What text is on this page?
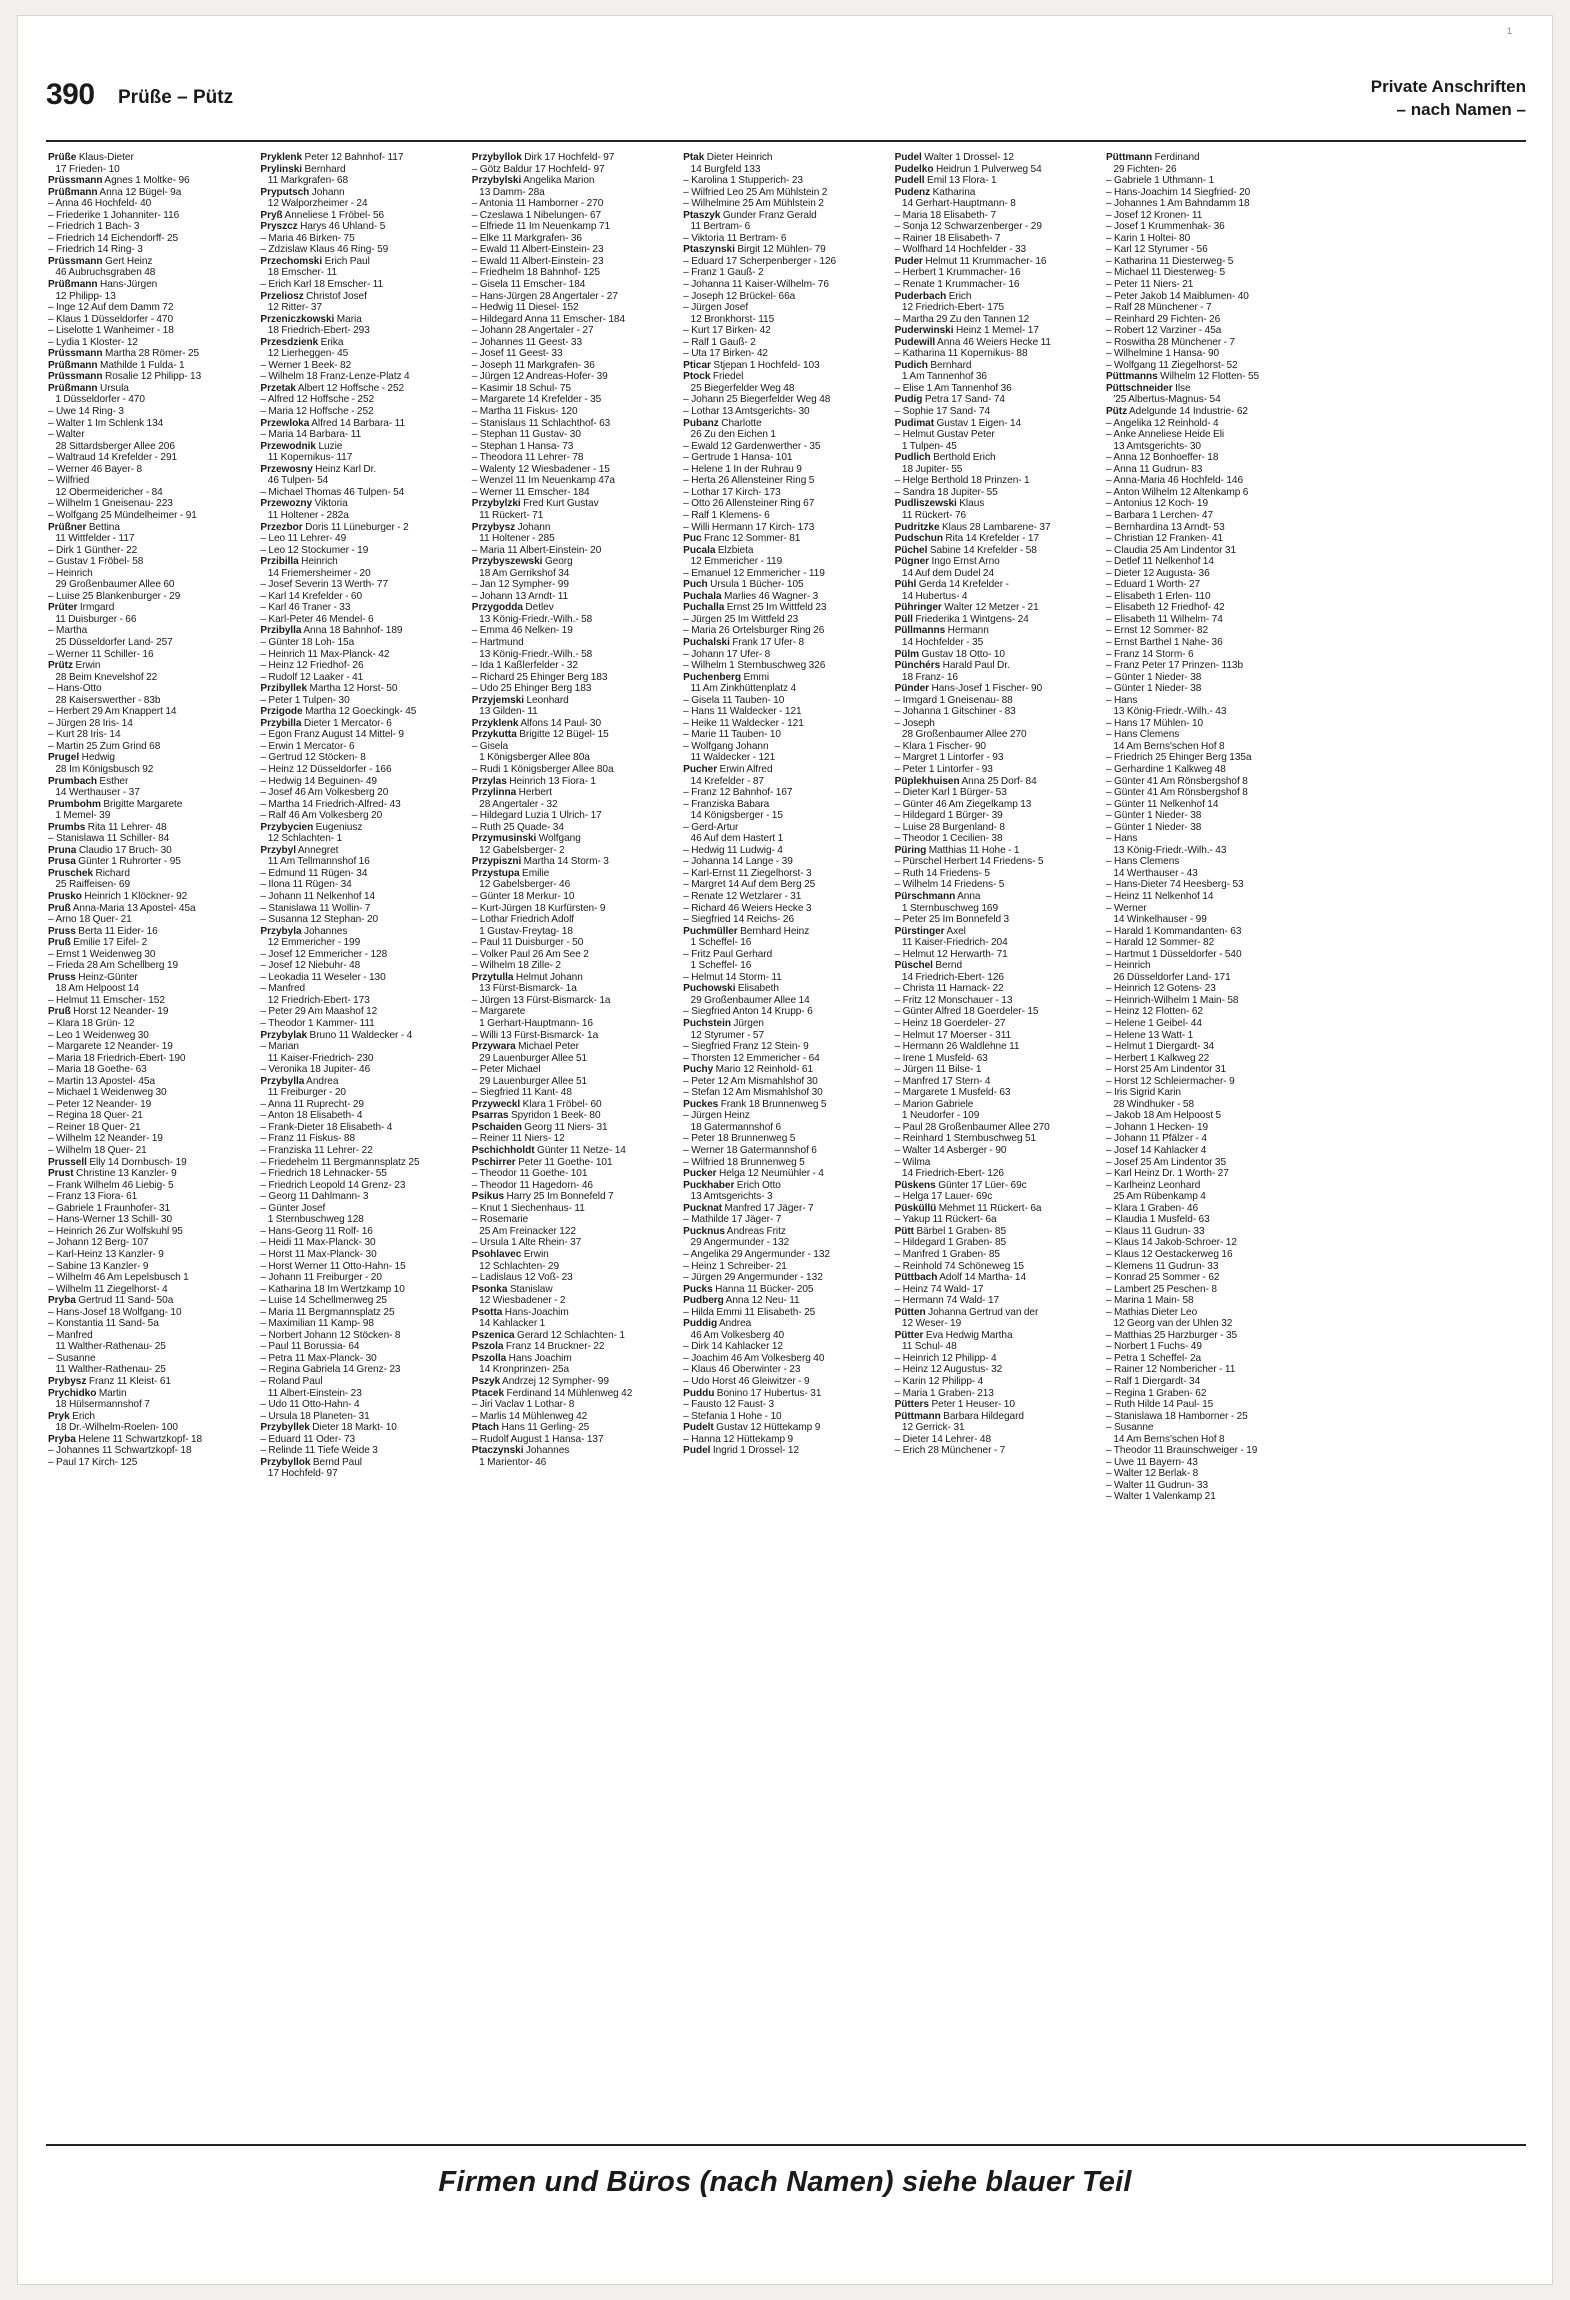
1
390 Prüße – Pütz
Private Anschriften
– nach Namen –
Prüße Klaus-Dieter
17 Frieden- 10
Prüssmann Agnes 1 Moltke- 96
Prüßmann Anna 12 Bügel- 9a
– Anna 46 Hochfeld- 40
– Friederike 1 Johanniter- 116
– Friedrich 1 Bach- 3
– Friedrich 14 Eichendorff- 25
– Friedrich 14 Ring- 3
Prüssmann Gert Heinz
46 Aubruchsgraben 48
Prüßmann Hans-Jürgen
12 Philipp- 13
– Inge 12 Auf dem Damm 72
– Klaus 1 Düsseldorfer - 470
– Liselotte 1 Wanheimer - 18
– Lydia 1 Kloster- 12
Prüssmann Martha 28 Römer- 25
Prüßmann Mathilde 1 Fulda- 1
Prüssmann Rosalie 12 Philipp- 13
Prüßmann Ursula
1 Düsseldorfer - 470
– Uwe 14 Ring- 3
– Walter 1 Im Schlenk 134
– Walter
28 Sittardsberger Allee 206
– Waltraud 14 Krefelder - 291
– Werner 46 Bayer- 8
– Wilfried
12 Obermeidericher - 84
– Wilhelm 1 Gneisenau- 223
– Wolfgang 25 Mündelheimer - 91
Prüßner Bettina
11 Wittfelder - 117
– Dirk 1 Günther- 22
– Gustav 1 Fröbel- 58
– Heinrich
29 Großenbaumer Allee 60
– Luise 25 Blankenburger - 29
Prüter Irmgard
11 Duisburger - 66
– Martha
25 Düsseldorfer Land- 257
– Werner 11 Schiller- 16
Prütz Erwin
28 Beim Knevelshof 22
– Hans-Otto
28 Kaiserswerther - 83b
– Herbert 29 Am Knappert 14
– Jürgen 28 Iris- 14
– Kurt 28 Iris- 14
– Martin 25 Zum Grind 68
Prugel Hedwig
28 Im Königsbusch 92
Prumbach Esther
14 Werthauser - 37
Prumbohm Brigitte Margarete
1 Memel- 39
Prumbs Rita 11 Lehrer- 48
– Stanislawa 11 Schiller- 84
Pruna Claudio 17 Bruch- 30
Prusa Günter 1 Ruhrorter - 95
Pruschek Richard
25 Raiffeisen- 69
Prusko Heinrich 1 Klöckner- 92
Pruß Anna-Maria 13 Apostel- 45a
– Arno 18 Quer- 21
Pruss Berta 11 Eider- 16
Pruß Emilie 17 Eifel- 2
– Ernst 1 Weidenweg 30
– Frieda 28 Am Schellberg 19
Pruss Heinz-Günter
18 Am Helpoost 14
– Helmut 11 Emscher- 152
Pruß Horst 12 Neander- 19
– Klara 18 Grün- 12
– Leo 1 Weidenweg 30
– Margarete 12 Neander- 19
– Maria 18 Friedrich-Ebert- 190
– Maria 18 Goethe- 63
– Martin 13 Apostel- 45a
– Michael 1 Weidenweg 30
– Peter 12 Neander- 19
– Regina 18 Quer- 21
– Reiner 18 Quer- 21
– Wilhelm 12 Neander- 19
– Wilhelm 18 Quer- 21
Prussell Elly 14 Dornbusch- 19
Prust Christine 13 Kanzler- 9
– Frank Wilhelm 46 Liebig- 5
– Franz 13 Fiora- 61
– Gabriele 1 Fraunhofer- 31
– Hans-Werner 13 Schill- 30
– Heinrich 26 Zur Wolfskuhl 95
– Johann 12 Berg- 107
– Karl-Heinz 13 Kanzler- 9
– Sabine 13 Kanzler- 9
– Wilhelm 46 Am Lepelsbusch 1
– Wilhelm 11 Ziegelhorst- 4
Pryba Gertrud 11 Sand- 50a
– Hans-Josef 18 Wolfgang- 10
– Konstantia 11 Sand- 5a
– Manfred
11 Walther-Rathenau- 25
– Susanne
11 Walther-Rathenau- 25
Prybysz Franz 11 Kleist- 61
Prychidko Martin
18 Hülsermannshof 7
Pryk Erich
18 Dr.-Wilhelm-Roelen- 100
Pryba Helene 11 Schwartzkopf- 18
– Johannes 11 Schwartzkopf- 18
– Paul 17 Kirch- 125
Pryklenk Peter 12 Bahnhof- 117
Prylinski Bernhard
11 Markgrafen- 68
Pryputsch Johann
12 Walporzheimer - 24
Pryß Anneliese 1 Fröbel- 56
Pryszcz Harys 46 Uhland- 5
– Maria 46 Birken- 75
– Zdzislaw Klaus 46 Ring- 59
Przechomski Erich Paul
18 Emscher- 11
– Erich Karl 18 Emscher- 11
Przeliosz Christof Josef
12 Ritter- 37
Przeniczkowski Maria
18 Friedrich-Ebert- 293
Przesdzienk Erika
12 Lierheggen- 45
– Werner 1 Beek- 82
– Wilhelm 18 Franz-Lenze-Platz 4
Przetak Albert 12 Hoffsche - 252
– Alfred 12 Hoffsche - 252
– Maria 12 Hoffsche - 252
Przewloka Alfred 14 Barbara- 11
– Maria 14 Barbara- 11
Przewodnik Luzie
11 Kopernikus- 117
Przewosny Heinz Karl Dr.
46 Tulpen- 54
– Michael Thomas 46 Tulpen- 54
Przewozny Viktoria
11 Holtener - 282a
Przezbor Doris 11 Lüneburger - 2
– Leo 11 Lehrer- 49
– Leo 12 Stockumer - 19
Przibilla Heinrich
14 Friemersheimer - 20
– Josef Severin 13 Werth- 77
– Karl 14 Krefelder - 60
– Karl 46 Traner - 33
– Karl-Peter 46 Mendel- 6
Przibylla Anna 18 Bahnhof- 189
– Günter 18 Loh- 15a
– Heinrich 11 Max-Planck- 42
– Heinz 12 Friedhof- 26
– Rudolf 12 Laaker - 41
Przibyllek Martha 12 Horst- 50
– Peter 1 Tulpen- 30
Przigode Martha 12 Goeckingk- 45
Przybilla Dieter 1 Mercator- 6
– Egon Franz August 14 Mittel- 9
– Erwin 1 Mercator- 6
– Gertrud 12 Stöcken- 8
– Heinz 12 Düsseldorfer - 166
– Hedwig 14 Beguinen- 49
– Josef 46 Am Volkesberg 20
– Martha 14 Friedrich-Alfred- 43
– Ralf 46 Am Volkesberg 20
Przybycien Eugeniusz
12 Schlachten- 1
Przybyl Annegret
11 Am Tellmannshof 16
– Edmund 11 Rügen- 34
– Ilona 11 Rügen- 34
– Johann 11 Nelkenhof 14
– Stanislawa 11 Wollin- 7
– Susanna 12 Stephan- 20
Przybyla Johannes
12 Emmericher - 199
– Josef 12 Emmericher - 128
– Josef 12 Niebuhr- 48
– Leokadia 11 Weseler - 130
– Manfred
12 Friedrich-Ebert- 173
– Peter 29 Am Maashof 12
– Theodor 1 Kammer- 111
Przybylak Bruno 11 Waldecker - 4
– Marian
11 Kaiser-Friedrich- 230
– Veronika 18 Jupiter- 46
Przybylla Andrea
11 Freiburger - 20
– Anna 11 Ruprecht- 29
– Anton 18 Elisabeth- 4
– Frank-Dieter 18 Elisabeth- 4
– Franz 11 Fiskus- 88
– Franziska 11 Lehrer- 22
– Friedehelm 11 Bergmannsplatz 25
– Friedrich 18 Lehnacker- 55
– Friedrich Leopold 14 Grenz- 23
– Georg 11 Dahlmann- 3
– Günter Josef
1 Sternbuschweg 128
– Hans-Georg 11 Rolf- 16
– Heidi 11 Max-Planck- 30
– Horst 11 Max-Planck- 30
– Horst Werner 11 Otto-Hahn- 15
– Johann 11 Freiburger - 20
– Katharina 18 Im Wertzkamp 10
– Luise 14 Schellmenweg 25
– Maria 11 Bergmannsplatz 25
– Maximilian 11 Kamp- 98
– Norbert Johann 12 Stöcken- 8
– Paul 11 Borussia- 64
– Petra 11 Max-Planck- 30
– Regina Gabriela 14 Grenz- 23
– Roland Paul
11 Albert-Einstein- 23
– Udo 11 Otto-Hahn- 4
– Ursula 18 Planeten- 31
Przybyllek Dieter 18 Markt- 10
– Eduard 11 Oder- 73
– Relinde 11 Tiefe Weide 3
Przybyllok Bernd Paul
17 Hochfeld- 97
Przybyllok Dirk 17 Hochfeld- 97
– Götz Baldur 17 Hochfeld- 97
Przybylski Angelika Marion
13 Damm- 28a
– Antonia 11 Hamborner - 270
– Czeslawa 1 Nibelungen- 67
– Elfriede 11 Im Neuenkamp 71
– Elke 11 Markgrafen- 36
– Ewald 11 Albert-Einstein- 23
– Ewald 11 Albert-Einstein- 23
– Friedhelm 18 Bahnhof- 125
– Gisela 11 Emscher- 184
– Hans-Jürgen 28 Angertaler - 27
– Hedwig 11 Diesel- 152
– Hildegard Anna 11 Emscher- 184
– Johann 28 Angertaler - 27
– Johannes 11 Geest- 33
– Josef 11 Geest- 33
– Joseph 11 Markgrafen- 36
– Jürgen 12 Andreas-Hofer- 39
– Kasimir 18 Schul- 75
– Margarete 14 Krefelder - 35
– Martha 11 Fiskus- 120
– Stanislaus 11 Schlachthof- 63
– Stephan 11 Gustav- 30
– Stephan 1 Hansa- 73
– Theodora 11 Lehrer- 78
– Walenty 12 Wiesbadener - 15
– Wenzel 11 Im Neuenkamp 47a
– Werner 11 Emscher- 184
Przybylzki Fred Kurt Gustav
11 Rückert- 71
Przybysz Johann
11 Holtener - 285
– Maria 11 Albert-Einstein- 20
Przybyszewski Georg
18 Am Gerrikshof 34
– Jan 12 Sympher- 99
– Johann 13 Arndt- 11
Przygodda Detlev
13 König-Friedr.-Wilh.- 58
– Emma 46 Nelken- 19
– Hartmund
13 König-Friedr.-Wilh.- 58
– Ida 1 Kaßlerfelder - 32
– Richard 25 Ehinger Berg 183
– Udo 25 Ehinger Berg 183
Przyjemski Leonhard
13 Gilden- 11
Przyklenk Alfons 14 Paul- 30
Przykutta Brigitte 12 Bügel- 15
– Gisela
1 Königsberger Allee 80a
– Rudi 1 Königsberger Allee 80a
Przylas Heinrich 13 Fiora- 1
Przylinna Herbert
28 Angertaler - 32
– Hildegard Luzia 1 Ulrich- 17
– Ruth 25 Quade- 34
Przymusinski Wolfgang
12 Gabelsberger- 2
Przypiszni Martha 14 Storm- 3
Przystupa Emilie
12 Gabelsberger- 46
– Günter 18 Merkur- 10
– Kurt-Jürgen 18 Kurfürsten- 9
– Lothar Friedrich Adolf
1 Gustav-Freytag- 18
– Paul 11 Duisburger - 50
– Volker Paul 26 Am See 2
– Wilhelm 18 Zille- 2
Przytulla Helmut Johann
13 Fürst-Bismarck- 1a
– Jürgen 13 Fürst-Bismarck- 1a
– Margarete
1 Gerhart-Hauptmann- 16
– Willi 13 Fürst-Bismarck- 1a
Przywara Michael Peter
29 Lauenburger Allee 51
– Peter Michael
29 Lauenburger Allee 51
– Siegfried 11 Kant- 48
Przyweckl Klara 1 Fröbel- 60
Psarras Spyridon 1 Beek- 80
Pschaiden Georg 11 Niers- 31
– Reiner 11 Niers- 12
Pschichholdt Günter 11 Netze- 14
Pschirrer Peter 11 Goethe- 101
– Theodor 11 Goethe- 101
– Theodor 11 Hagedorn- 46
Psikus Harry 25 Im Bonnefeld 7
– Knut 1 Siechenhaus- 11
– Rosemarie
25 Am Freinacker 122
– Ursula 1 Alte Rhein- 37
Psohlavec Erwin
12 Schlachten- 29
– Ladislaus 12 Voß- 23
Psonka Stanislaw
12 Wiesbadener - 2
Psotta Hans-Joachim
14 Kahlacker 1
Pszenica Gerard 12 Schlachten- 1
Pszola Franz 14 Bruckner- 22
Pszolla Hans Joachim
14 Kronprinzen- 25a
Pszyk Andrzej 12 Sympher- 99
Ptacek Ferdinand 14 Mühlenweg 42
– Jiri Vaclav 1 Lothar- 8
– Marlis 14 Mühlenweg 42
Ptach Hans 11 Gerling- 25
– Rudolf August 1 Hansa- 137
Ptaczynski Johannes
1 Marientor- 46
Ptak Dieter Heinrich
14 Burgfeld 133
– Karolina 1 Stupperich- 23
– Wilfried Leo 25 Am Mühlstein 2
– Wilhelmine 25 Am Mühlstein 2
Ptaszyk Gunder Franz Gerald
11 Bertram- 6
– Viktoria 11 Bertram- 6
Ptaszynski Birgit 12 Mühlen- 79
– Eduard 17 Scherpenberger - 126
– Franz 1 Gauß- 2
– Johanna 11 Kaiser-Wilhelm- 76
– Joseph 12 Brückel- 66a
– Jürgen Josef
12 Bronkhorst- 115
– Kurt 17 Birken- 42
– Ralf 1 Gauß- 2
– Uta 17 Birken- 42
Pticar Stjepan 1 Hochfeld- 103
Ptock Friedel
25 Biegerfelder Weg 48
– Johann 25 Biegerfelder Weg 48
– Lothar 13 Amtsgerichts- 30
Pubanz Charlotte
26 Zu den Eichen 1
– Ewald 12 Gardenwerther - 35
– Gertrude 1 Hansa- 101
– Helene 1 In der Ruhrau 9
– Herta 26 Allensteiner Ring 5
– Lothar 17 Kirch- 173
– Otto 26 Allensteiner Ring 67
– Ralf 1 Klemens- 6
– Willi Hermann 17 Kirch- 173
Puc Franc 12 Sommer- 81
Pucala Elzbieta
12 Emmericher - 119
– Emanuel 12 Emmericher - 119
Puch Ursula 1 Bücher- 105
Puchala Marlies 46 Wagner- 3
Puchalla Ernst 25 Im Wittfeld 23
– Jürgen 25 Im Wittfeld 23
– Maria 26 Ortelsburger Ring 26
Puchalski Frank 17 Ufer- 8
– Johann 17 Ufer- 8
– Wilhelm 1 Sternbuschweg 326
Puchenberg Emmi
11 Am Zinkhüttenplatz 4
– Gisela 11 Tauben- 10
– Hans 11 Waldecker - 121
– Heike 11 Waldecker - 121
– Marie 11 Tauben- 10
– Wolfgang Johann
11 Waldecker - 121
Pucher Erwin Alfred
14 Krefelder - 87
– Franz 12 Bahnhof- 167
– Franziska Babara
14 Königsberger - 15
– Gerd-Artur
46 Auf dem Hastert 1
– Hedwig 11 Ludwig- 4
– Johanna 14 Lange - 39
– Karl-Ernst 11 Ziegelhorst- 3
– Margret 14 Auf dem Berg 25
– Renate 12 Wetzlarer - 31
– Richard 46 Weiers Hecke 3
– Siegfried 14 Reichs- 26
Puchmüller Bernhard Heinz
1 Scheffel- 16
– Fritz Paul Gerhard
1 Scheffel- 16
– Helmut 14 Storm- 11
Puchowski Elisabeth
29 Großenbaumer Allee 14
– Siegfried Anton 14 Krupp- 6
Puchstein Jürgen
12 Styrumer - 57
– Siegfried Franz 12 Stein- 9
– Thorsten 12 Emmericher - 64
Puchy Mario 12 Reinhold- 61
– Peter 12 Am Mismahlshof 30
– Stefan 12 Am Mismahlshof 30
Puckes Frank 18 Brunnenweg 5
– Jürgen Heinz
18 Gatermannshof 6
– Peter 18 Brunnenweg 5
– Werner 18 Gatermannshof 6
– Wilfried 18 Brunnenweg 5
Pucker Helga 12 Neumühler - 4
Puckhaber Erich Otto
13 Amtsgerichts- 3
Pucknat Manfred 17 Jäger- 7
– Mathilde 17 Jäger- 7
Pucknus Andreas Fritz
29 Angermunder - 132
– Angelika 29 Angermunder - 132
– Heinz 1 Schreiber- 21
– Jürgen 29 Angermunder - 132
Pucks Hanna 11 Bücker- 205
Pudberg Anna 12 Neu- 11
– Hilda Emmi 11 Elisabeth- 25
Puddig Andrea
46 Am Volkesberg 40
– Dirk 14 Kahlacker 12
– Joachim 46 Am Volkesberg 40
– Klaus 46 Oberwinter - 23
– Udo Horst 46 Gleiwitzer - 9
Puddu Bonino 17 Hubertus- 31
– Fausto 12 Faust- 3
– Stefania 1 Hohe - 10
Pudelt Gustav 12 Hüttekamp 9
– Hanna 12 Hüttekamp 9
Pudel Ingrid 1 Drossel- 12
Pudel Walter 1 Drossel- 12
Pudelko Heidrun 1 Pulverweg 54
Pudell Emil 13 Flora- 1
Pudenz Katharina
14 Gerhart-Hauptmann- 8
– Maria 18 Elisabeth- 7
– Sonja 12 Schwarzenberger - 29
– Rainer 18 Elisabeth- 7
– Wolfhard 14 Hochfelder - 33
Puder Helmut 11 Krummacher- 16
– Herbert 1 Krummacher- 16
– Renate 1 Krummacher- 16
Puderbach Erich
12 Friedrich-Ebert- 175
– Martha 29 Zu den Tannen 12
Puderwinski Heinz 1 Memel- 17
Pudewill Anna 46 Weiers Hecke 11
– Katharina 11 Kopernikus- 88
Pudich Bernhard
1 Am Tannenhof 36
– Elise 1 Am Tannenhof 36
Pudig Petra 17 Sand- 74
– Sophie 17 Sand- 74
Pudimat Gustav 1 Eigen- 14
– Helmut Gustav Peter
1 Tulpen- 45
Pudlich Berthold Erich
18 Jupiter- 55
– Helge Berthold 18 Prinzen- 1
– Sandra 18 Jupiter- 55
Pudliszewski Klaus
11 Rückert- 76
Pudritzke Klaus 28 Lambarene- 37
Pudschun Rita 14 Krefelder - 17
Püchel Sabine 14 Krefelder - 58
Pügner Ingo Ernst Arno
14 Auf dem Dudel 24
Pühl Gerda 14 Krefelder -
14 Hubertus- 4
Pühringer Walter 12 Metzer - 21
Püll Friederika 1 Wintgens- 24
Püllmanns Hermann
14 Hochfelder - 35
Pülm Gustav 18 Otto- 10
Pünchérs Harald Paul Dr.
18 Franz- 16
Pünder Hans-Josef 1 Fischer- 90
– Irmgard 1 Gneisenau- 88
– Johanna 1 Gitschiner - 83
– Joseph
28 Großenbaumer Allee 270
– Klara 1 Fischer- 90
– Margret 1 Lintorfer - 93
– Peter 1 Lintorfer - 93
Püplekhuisen Anna 25 Dorf- 84
– Dieter Karl 1 Bürger- 53
– Günter 46 Am Ziegelkamp 13
– Hildegard 1 Bürger- 39
– Luise 28 Burgenland- 8
– Theodor 1 Cecilien- 38
Püring Matthias 11 Hohe - 1
– Pürschel Herbert 14 Friedens- 5
– Ruth 14 Friedens- 5
– Wilhelm 14 Friedens- 5
Pürschmann Anna
1 Sternbuschweg 169
– Peter 25 Im Bonnefeld 3
Pürstinger Axel
11 Kaiser-Friedrich- 204
– Helmut 12 Herwarth- 71
Püschel Bernd
14 Friedrich-Ebert- 126
– Christa 11 Harnack- 22
– Fritz 12 Monschauer - 13
– Günter Alfred 18 Goerdeler- 15
– Heinz 18 Goerdeler- 27
– Helmut 17 Moerser - 311
– Hermann 26 Waldlehne 11
– Irene 1 Musfeld- 63
– Jürgen 11 Bilse- 1
– Manfred 17 Stern- 4
– Margarete 1 Musfeld- 63
– Marion Gabriele
1 Neudorfer - 109
– Paul 28 Großenbaumer Allee 270
– Reinhard 1 Sternbuschweg 51
– Walter 14 Asberger - 90
– Wilma
14 Friedrich-Ebert- 126
Püskens Günter 17 Lüer- 69c
– Helga 17 Lauer- 69c
Püsküllü Mehmet 11 Rückert- 6a
– Yakup 11 Rückert- 6a
Pütt Bärbel 1 Graben- 85
– Hildegard 1 Graben- 85
– Manfred 1 Graben- 85
– Reinhold 74 Schöneweg 15
Püttbach Adolf 14 Martha- 14
– Heinz 74 Wald- 17
– Hermann 74 Wald- 17
Pütten Johanna Gertrud van der
12 Weser- 19
Pütter Eva Hedwig Martha
11 Schul- 48
– Heinrich 12 Philipp- 4
– Heinz 12 Augustus- 32
– Karin 12 Philipp- 4
– Maria 1 Graben- 213
Pütters Peter 1 Heuser- 10
Püttmann Barbara Hildegard
12 Gerrick- 31
– Dieter 14 Lehrer- 48
– Erich 28 Münchener - 7
Püttmann Ferdinand
29 Fichten- 26
– Gabriele 1 Uthmann- 1
– Hans-Joachim 14 Siegfried- 20
– Johannes 1 Am Bahndamm 18
– Josef 12 Kronen- 11
– Josef 1 Krummenhak- 36
– Karin 1 Holtei- 80
– Karl 12 Styrumer - 56
– Katharina 11 Diesterweg- 5
– Michael 11 Diesterweg- 5
– Peter 11 Niers- 21
– Peter Jakob 14 Maiblumen- 40
– Ralf 28 Münchener - 7
– Reinhard 29 Fichten- 26
– Robert 12 Varziner - 45a
– Roswitha 28 Münchener - 7
– Wilhelmine 1 Hansa- 90
– Wolfgang 11 Ziegelhorst- 52
Püttmanns Wilhelm 12 Flotten- 55
Püttschneider Ilse
'25 Albertus-Magnus- 54
Pütz Adelgunde 14 Industrie- 62
– Angelika 12 Reinhold- 4
– Anke Anneliese Heide Eli
13 Amtsgerichts- 30
– Anna 12 Bonhoeffer- 18
– Anna 11 Gudrun- 83
– Anna-Maria 46 Hochfeld- 146
– Anton Wilhelm 12 Altenkamp 6
– Antonius 12 Koch- 19
– Barbara 1 Lerchen- 47
– Bernhardina 13 Arndt- 53
– Christian 12 Franken- 41
– Claudia 25 Am Lindentor 31
– Detlef 11 Nelkenhof 14
– Dieter 12 Augusta- 36
– Eduard 1 Worth- 27
– Elisabeth 1 Erlen- 110
– Elisabeth 12 Friedhof- 42
– Elisabeth 11 Wilhelm- 74
– Ernst 12 Sommer- 82
– Ernst Barthel 1 Nahe- 36
– Franz 14 Storm- 6
– Franz Peter 17 Prinzen- 113b
– Günter 1 Nieder- 38
– Günter 1 Nieder- 38
– Hans
13 König-Friedr.-Wilh.- 43
– Hans 17 Mühlen- 10
– Hans Clemens
14 Am Berns'schen Hof 8
– Friedrich 25 Ehinger Berg 135a
– Gerhardine 1 Kalkweg 48
– Günter 41 Am Rönsbergshof 8
– Günter 41 Am Rönsbergshof 8
– Günter 11 Nelkenhof 14
– Günter 1 Nieder- 38
– Günter 1 Nieder- 38
– Hans
13 König-Friedr.-Wilh.- 43
– Hans Clemens
14 Werthauser - 43
– Hans-Dieter 74 Heesberg- 53
– Heinz 11 Nelkenhof 14
– Werner
14 Winkelhauser - 99
– Harald 1 Kommandanten- 63
– Harald 12 Sommer- 82
– Hartmut 1 Düsseldorfer - 540
– Heinrich
26 Düsseldorfer Land- 171
– Heinrich 12 Gotens- 23
– Heinrich-Wilhelm 1 Main- 58
– Heinz 12 Flotten- 62
– Helene 1 Geibel- 44
– Helene 13 Watt- 1
– Helmut 1 Diergardt- 34
– Herbert 1 Kalkweg 22
– Horst 25 Am Lindentor 31
– Horst 12 Schleiermacher- 9
– Iris Sigrid Karin
28 Windhuker - 58
– Jakob 18 Am Helpoost 5
– Johann 1 Hecken- 19
– Johann 11 Pfälzer - 4
– Josef 14 Kahlacker 4
– Josef 25 Am Lindentor 35
– Karl Heinz Dr. 1 Worth- 27
– Karlheinz Leonhard
25 Am Rübenkamp 4
– Klara 1 Graben- 46
– Klaudia 1 Musfeld- 63
– Klaus 11 Gudrun- 33
– Klaus 14 Jakob-Schroer- 12
– Klaus 12 Oestackerweg 16
– Klemens 11 Gudrun- 33
– Konrad 25 Sommer - 62
– Lambert 25 Peschen- 8
– Marina 1 Main- 58
– Mathias Dieter Leo
12 Georg van der Uhlen 32
– Matthias 25 Harzburger - 35
– Norbert 1 Fuchs- 49
– Petra 1 Scheffel- 2a
– Rainer 12 Nombericher - 11
– Ralf 1 Diergardt- 34
– Regina 1 Graben- 62
– Ruth Hilde 14 Paul- 15
– Stanislawa 18 Hamborner - 25
– Susanne
14 Am Berns'schen Hof 8
– Theodor 11 Braunschweiger - 19
– Uwe 11 Bayern- 43
– Walter 12 Berlak- 8
– Walter 11 Gudrun- 33
– Walter 1 Valenkamp 21
Firmen und Büros (nach Namen) siehe blauer Teil
